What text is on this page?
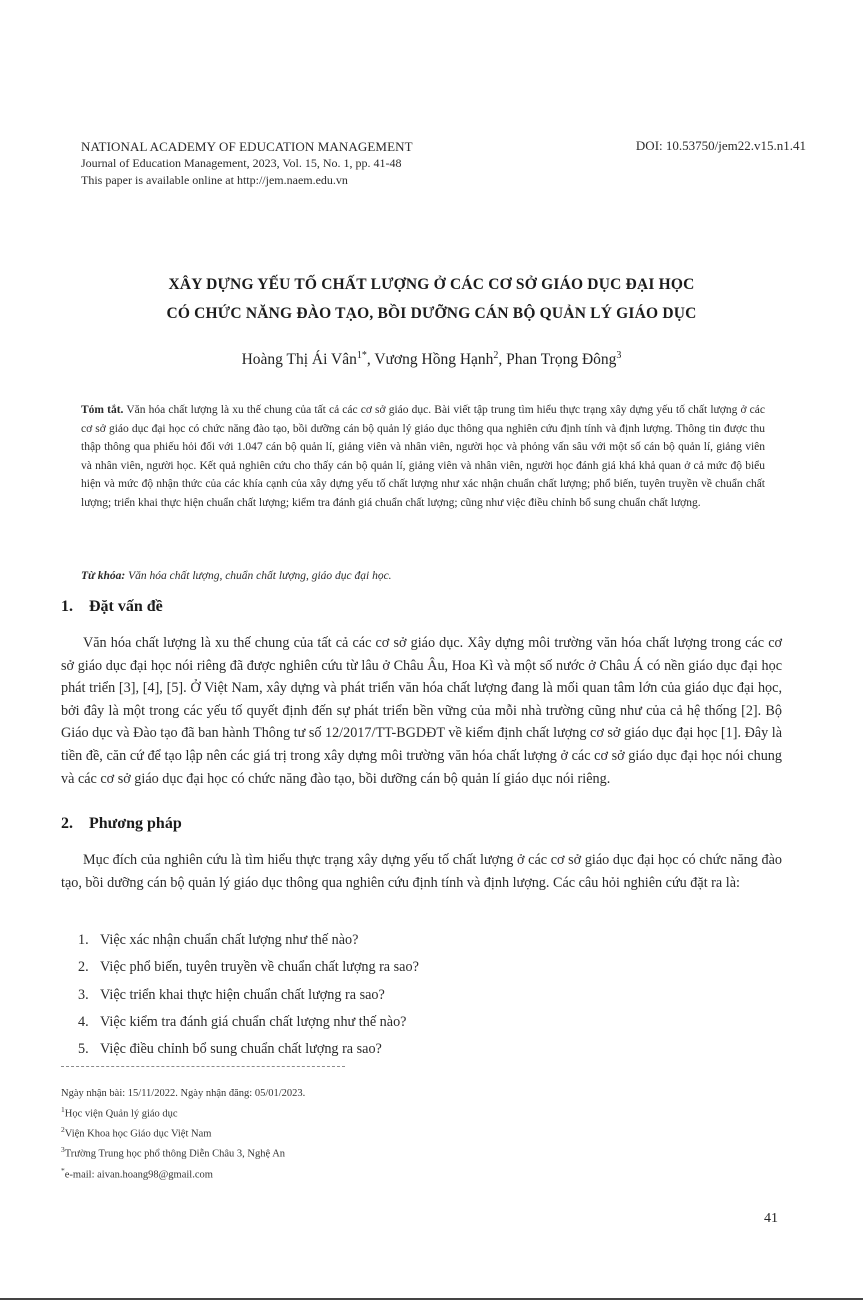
NATIONAL ACADEMY OF EDUCATION MANAGEMENT
Journal of Education Management, 2023, Vol. 15, No. 1, pp. 41-48
This paper is available online at http://jem.naem.edu.vn
DOI: 10.53750/jem22.v15.n1.41
XÂY DỰNG YẾU TỐ CHẤT LƯỢNG Ở CÁC CƠ SỞ GIÁO DỤC ĐẠI HỌC
CÓ CHỨC NĂNG ĐÀO TẠO, BỒI DƯỠNG CÁN BỘ QUẢN LÝ GIÁO DỤC
Hoàng Thị Ái Vân$^{1*}$, Vương Hồng Hạnh$^2$, Phan Trọng Đông$^3$
Tóm tắt. Văn hóa chất lượng là xu thế chung của tất cả các cơ sở giáo dục. Bài viết tập trung tìm hiểu thực trạng xây dựng yếu tố chất lượng ở các cơ sở giáo dục đại học có chức năng đào tạo, bồi dưỡng cán bộ quản lý giáo dục thông qua nghiên cứu định tính và định lượng. Thông tin được thu thập thông qua phiếu hỏi đối với 1.047 cán bộ quản lí, giảng viên và nhân viên, người học và phỏng vấn sâu với một số cán bộ quản lí, giảng viên và nhân viên, người học. Kết quả nghiên cứu cho thấy cán bộ quản lí, giảng viên và nhân viên, người học đánh giá khá khả quan ở cả mức độ biểu hiện và mức độ nhận thức của các khía cạnh của xây dựng yếu tố chất lượng như xác nhận chuẩn chất lượng; phổ biến, tuyên truyền về chuẩn chất lượng; triển khai thực hiện chuẩn chất lượng; kiểm tra đánh giá chuẩn chất lượng; cũng như việc điều chỉnh bổ sung chuẩn chất lượng.
Từ khóa: Văn hóa chất lượng, chuẩn chất lượng, giáo dục đại học.
1. Đặt vấn đề
Văn hóa chất lượng là xu thế chung của tất cả các cơ sở giáo dục. Xây dựng môi trường văn hóa chất lượng trong các cơ sở giáo dục đại học nói riêng đã được nghiên cứu từ lâu ở Châu Âu, Hoa Kì và một số nước ở Châu Á có nền giáo dục đại học phát triển [3], [4], [5]. Ở Việt Nam, xây dựng và phát triển văn hóa chất lượng đang là mối quan tâm lớn của giáo dục đại học, bởi đây là một trong các yếu tố quyết định đến sự phát triển bền vững của mỗi nhà trường cũng như của cả hệ thống [2]. Bộ Giáo dục và Đào tạo đã ban hành Thông tư số 12/2017/TT-BGDĐT về kiểm định chất lượng cơ sở giáo dục đại học [1]. Đây là tiền đề, căn cứ để tạo lập nên các giá trị trong xây dựng môi trường văn hóa chất lượng ở các cơ sở giáo dục đại học nói chung và các cơ sở giáo dục đại học có chức năng đào tạo, bồi dưỡng cán bộ quản lí giáo dục nói riêng.
2. Phương pháp
Mục đích của nghiên cứu là tìm hiểu thực trạng xây dựng yếu tố chất lượng ở các cơ sở giáo dục đại học có chức năng đào tạo, bồi dưỡng cán bộ quản lý giáo dục thông qua nghiên cứu định tính và định lượng. Các câu hỏi nghiên cứu đặt ra là:
1. Việc xác nhận chuẩn chất lượng như thế nào?
2. Việc phổ biến, tuyên truyền về chuẩn chất lượng ra sao?
3. Việc triển khai thực hiện chuẩn chất lượng ra sao?
4. Việc kiểm tra đánh giá chuẩn chất lượng như thế nào?
5. Việc điều chỉnh bổ sung chuẩn chất lượng ra sao?
Ngày nhận bài: 15/11/2022. Ngày nhận đăng: 05/01/2023.
$^1$Học viện Quản lý giáo dục
$^2$Viện Khoa học Giáo dục Việt Nam
$^3$Trường Trung học phổ thông Diễn Châu 3, Nghệ An
*e-mail: aivan.hoang98@gmail.com
41
